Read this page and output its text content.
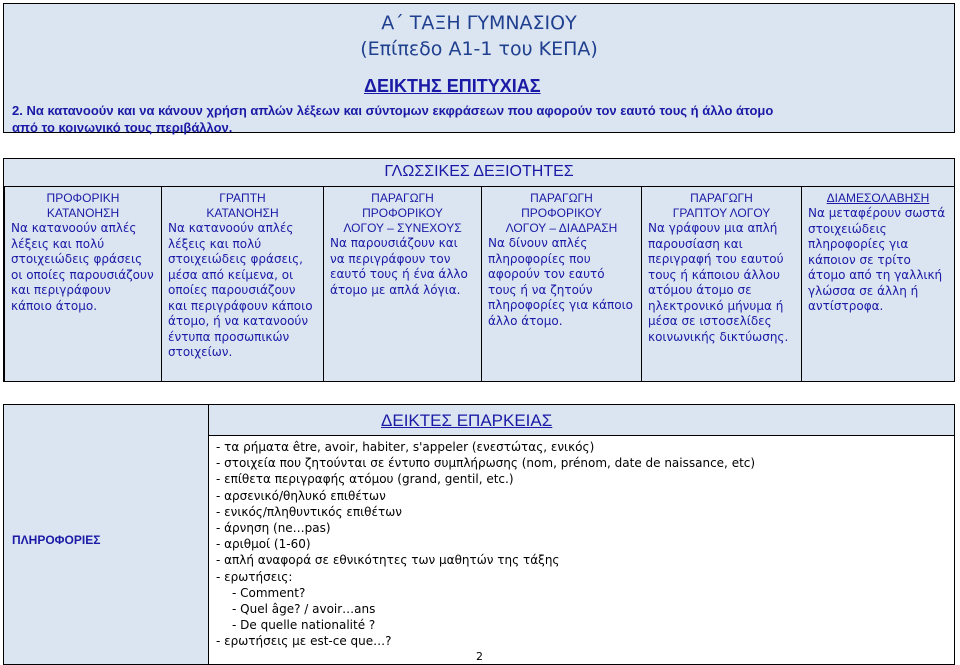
Α΄ ΤΑΞΗ ΓΥΜΝΑΣΙΟΥ
(Επίπεδο Α1-1 του ΚΕΠΑ)
ΔΕΙΚΤΗΣ ΕΠΙΤΥΧΙΑΣ
2. Να κατανοούν και να κάνουν χρήση απλών λέξεων και σύντομων εκφράσεων που αφορούν τον εαυτό τους ή άλλο άτομο
από το κοινωνικό τους περιβάλλον.
ΓΛΩΣΣΙΚΕΣ ΔΕΞΙΟΤΗΤΕΣ
ΠΡΟΦΟΡΙΚΗ
ΚΑΤΑΝΟΗΣΗ
Να κατανοούν απλές λέξεις και πολύ στοιχειώδεις φράσεις οι οποίες παρουσιάζουν και περιγράφουν κάποιο άτομο.
ΓΡΑΠΤΗ
ΚΑΤΑΝΟΗΣΗ
Να κατανοούν απλές λέξεις και πολύ στοιχειώδεις φράσεις, μέσα από κείμενα, οι οποίες παρουσιάζουν και περιγράφουν κάποιο άτομο, ή να κατανοούν έντυπα προσωπικών στοιχείων.
ΠΑΡΑΓΩΓΗ
ΠΡΟΦΟΡΙΚΟΥ
ΛΟΓΟΥ – ΣΥΝΕΧΟΥΣ
Να παρουσιάζουν και να περιγράφουν τον εαυτό τους ή ένα άλλο άτομο με απλά λόγια.
ΠΑΡΑΓΩΓΗ
ΠΡΟΦΟΡΙΚΟΥ
ΛΟΓΟΥ – ΔΙΑΔΡΑΣΗ
Να δίνουν απλές πληροφορίες που αφορούν τον εαυτό τους ή να ζητούν πληροφορίες για κάποιο άλλο άτομο.
ΠΑΡΑΓΩΓΗ
ΓΡΑΠΤΟΥ ΛΟΓΟΥ
Να γράφουν μια απλή παρουσίαση και περιγραφή του εαυτού τους ή κάποιου άλλου ατόμου άτομο σε ηλεκτρονικό μήνυμα ή μέσα σε ιστοσελίδες κοινωνικής δικτύωσης.
ΔΙΑΜΕΣΟΛΑΒΗΣΗ
Να μεταφέρουν σωστά στοιχειώδεις πληροφορίες για κάποιον σε τρίτο άτομο από τη γαλλική γλώσσα σε άλλη ή αντίστροφα.
ΠΛΗΡΟΦΟΡΙΕΣ
ΔΕΙΚΤΕΣ ΕΠΑΡΚΕΙΑΣ
- τα ρήματα être, avoir, habiter, s'appeler (ενεστώτας, ενικός)
- στοιχεία που ζητούνται σε έντυπο συμπλήρωσης (nom, prénom, date de naissance, etc)
- επίθετα περιγραφής ατόμου (grand, gentil, etc.)
- αρσενικό/θηλυκό επιθέτων
- ενικός/πληθυντικός επιθέτων
- άρνηση (ne…pas)
- αριθμοί (1-60)
- απλή αναφορά σε εθνικότητες των μαθητών της τάξης
- ερωτήσεις:
- Comment?
- Quel âge? / avoir…ans
- De quelle nationalité ?
- ερωτήσεις με est-ce que…?
2
